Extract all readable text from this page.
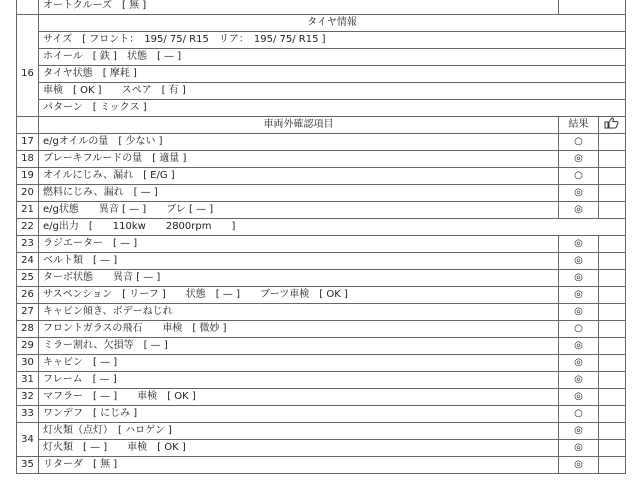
	オートクルーズ　[ 無 ]		
	タイヤ情報		
16	サイズ　[ フロント：　195/ 75/ R15　リア：　195/ 75/ R15 ]		
	ホイール　[ 鉄 ]　状態　[ — ]		
	タイヤ状態　[ 摩耗 ]		
	車検　[ OK ]　　スペア　[ 有 ]		
	パターン　[ ミックス ]		
	車両外確認項目	結果	
17	e/gオイルの量　[ 少ない ]	○	
18	ブレーキフルードの量　[ 適量 ]	◎	
19	オイルにじみ、漏れ　[ E/G ]	○	
20	燃料にじみ、漏れ　[ — ]	◎	
21	e/g状態　　異音 [ — ]　　ブレ [ — ]	◎	
22	e/g出力　[　　110kw　　2800rpm　　]		
23	ラジエーター　[ — ]	◎	
24	ベルト類　[ — ]	◎	
25	ターボ状態　　異音 [ — ]	◎	
26	サスペンション　[ リーフ ]　　状態　[ — ]　　ブーツ車検　[ OK ]	◎	
27	キャビン傾き、ボデーねじれ	◎	
28	フロントガラスの飛石　　車検　[ 微妙 ]	○	
29	ミラー割れ、欠損等　[ — ]	◎	
30	キャビン　[ — ]	◎	
31	フレーム　[ — ]	◎	
32	マフラー　[ — ]　　車検　[ OK ]	◎	
33	ワンデフ　[ にじみ ]	○	
34	灯火類（点灯）　[ ハロゲン ]	◎	
	灯火類　[ — ]　　車検　[ OK ]	◎	
35	リターダ　[ 無 ]	◎	
